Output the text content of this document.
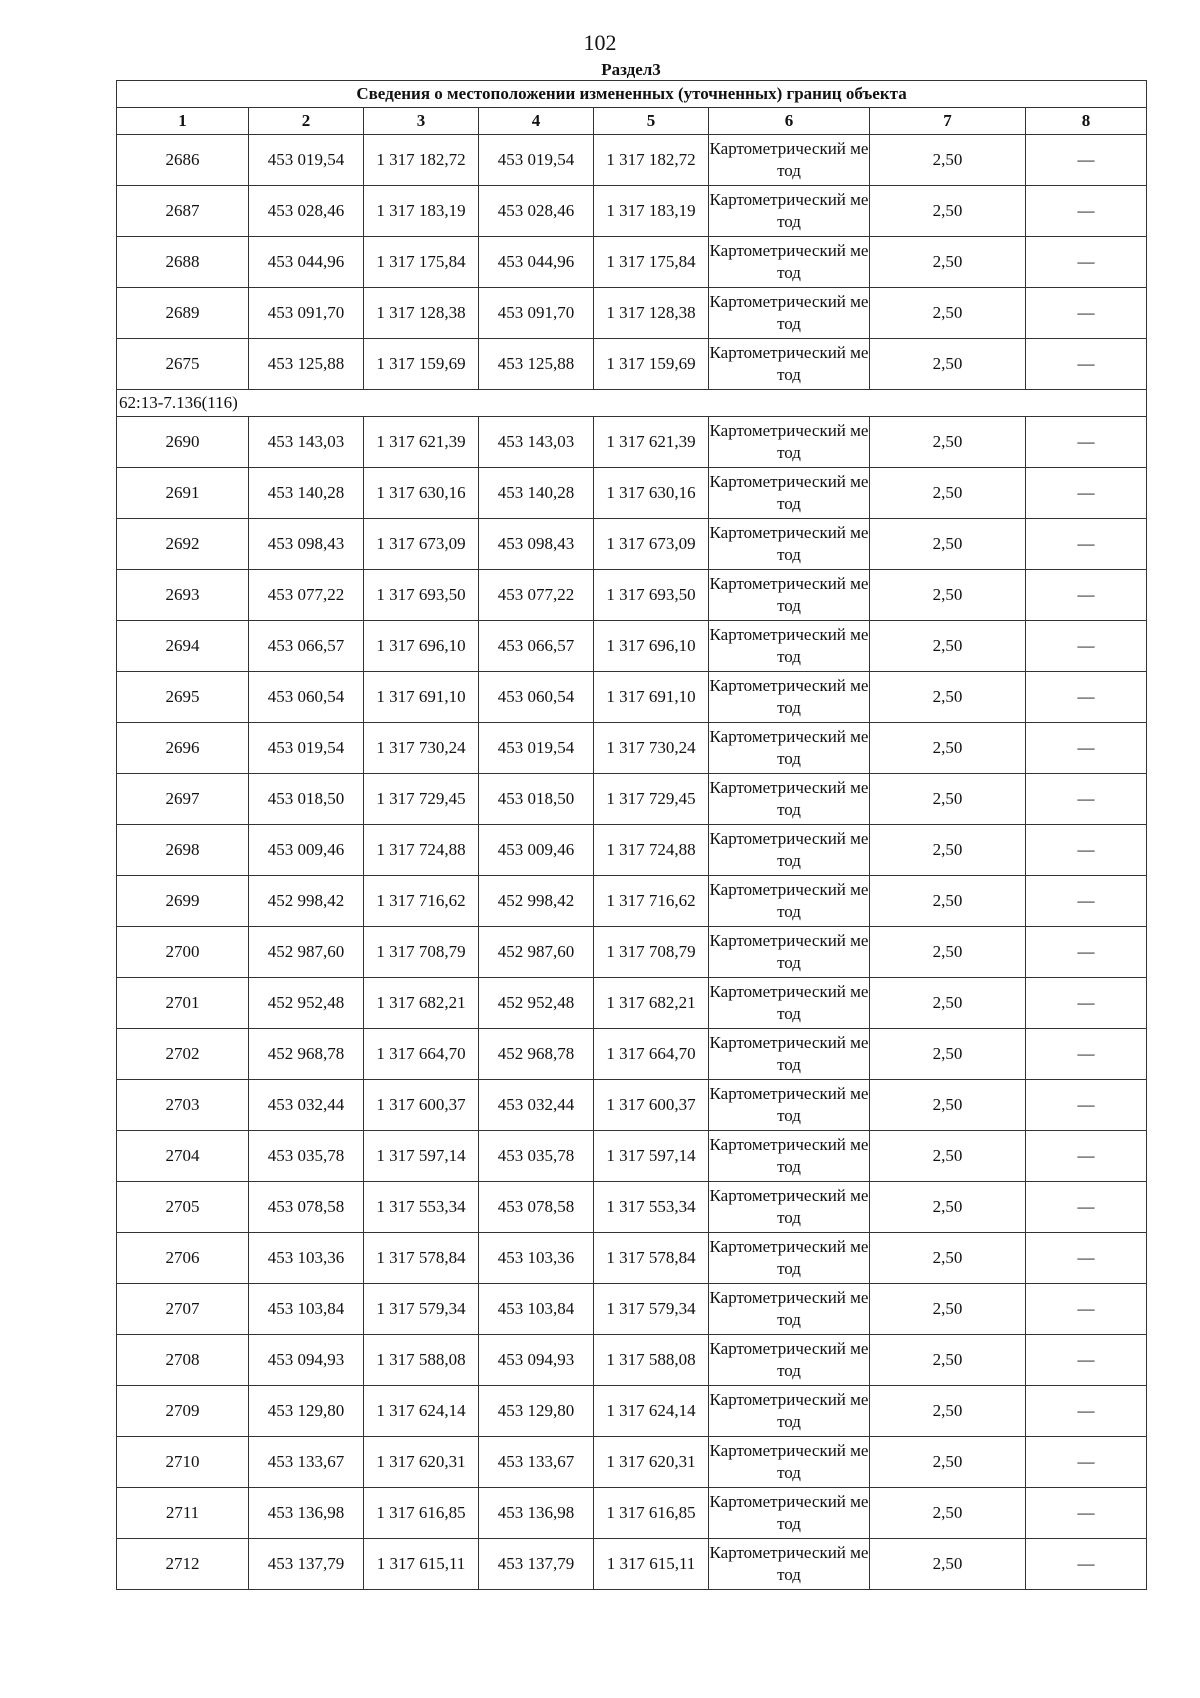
102
Раздел3
Сведения о местоположении измененных (уточненных) границ объекта							
1	2	3	4	5	6	7	8
2686	453 019,54	1 317 182,72	453 019,54	1 317 182,72	Картометрический метод	2,50	—
2687	453 028,46	1 317 183,19	453 028,46	1 317 183,19	Картометрический метод	2,50	—
2688	453 044,96	1 317 175,84	453 044,96	1 317 175,84	Картометрический метод	2,50	—
2689	453 091,70	1 317 128,38	453 091,70	1 317 128,38	Картометрический метод	2,50	—
2675	453 125,88	1 317 159,69	453 125,88	1 317 159,69	Картометрический метод	2,50	—
62:13-7.136(116)							
2690	453 143,03	1 317 621,39	453 143,03	1 317 621,39	Картометрический метод	2,50	—
2691	453 140,28	1 317 630,16	453 140,28	1 317 630,16	Картометрический метод	2,50	—
2692	453 098,43	1 317 673,09	453 098,43	1 317 673,09	Картометрический метод	2,50	—
2693	453 077,22	1 317 693,50	453 077,22	1 317 693,50	Картометрический метод	2,50	—
2694	453 066,57	1 317 696,10	453 066,57	1 317 696,10	Картометрический метод	2,50	—
2695	453 060,54	1 317 691,10	453 060,54	1 317 691,10	Картометрический метод	2,50	—
2696	453 019,54	1 317 730,24	453 019,54	1 317 730,24	Картометрический метод	2,50	—
2697	453 018,50	1 317 729,45	453 018,50	1 317 729,45	Картометрический метод	2,50	—
2698	453 009,46	1 317 724,88	453 009,46	1 317 724,88	Картометрический метод	2,50	—
2699	452 998,42	1 317 716,62	452 998,42	1 317 716,62	Картометрический метод	2,50	—
2700	452 987,60	1 317 708,79	452 987,60	1 317 708,79	Картометрический метод	2,50	—
2701	452 952,48	1 317 682,21	452 952,48	1 317 682,21	Картометрический метод	2,50	—
2702	452 968,78	1 317 664,70	452 968,78	1 317 664,70	Картометрический метод	2,50	—
2703	453 032,44	1 317 600,37	453 032,44	1 317 600,37	Картометрический метод	2,50	—
2704	453 035,78	1 317 597,14	453 035,78	1 317 597,14	Картометрический метод	2,50	—
2705	453 078,58	1 317 553,34	453 078,58	1 317 553,34	Картометрический метод	2,50	—
2706	453 103,36	1 317 578,84	453 103,36	1 317 578,84	Картометрический метод	2,50	—
2707	453 103,84	1 317 579,34	453 103,84	1 317 579,34	Картометрический метод	2,50	—
2708	453 094,93	1 317 588,08	453 094,93	1 317 588,08	Картометрический метод	2,50	—
2709	453 129,80	1 317 624,14	453 129,80	1 317 624,14	Картометрический метод	2,50	—
2710	453 133,67	1 317 620,31	453 133,67	1 317 620,31	Картометрический метод	2,50	—
2711	453 136,98	1 317 616,85	453 136,98	1 317 616,85	Картометрический метод	2,50	—
2712	453 137,79	1 317 615,11	453 137,79	1 317 615,11	Картометрический метод	2,50	—
